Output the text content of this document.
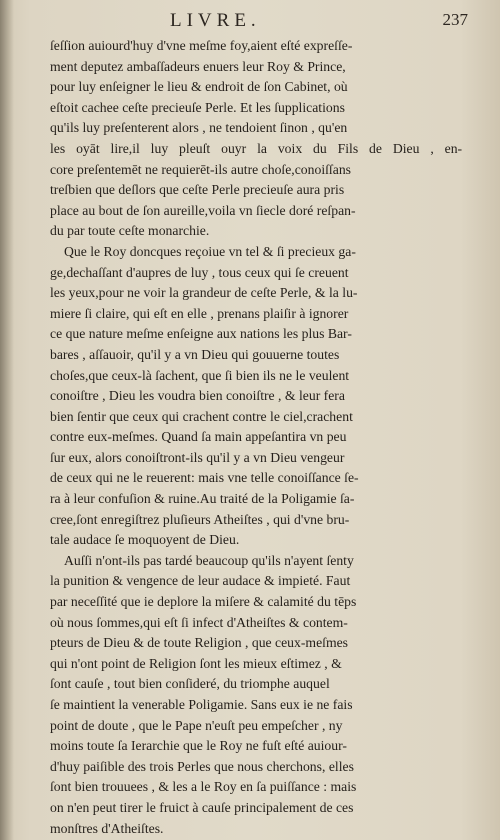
LIVRE.	237
ſeſſion auiourd'huy d'vne meſme foy,aient eſté expreſſe-
ment deputez ambaſſadeurs enuers leur Roy & Prince,
pour luy enſeigner le lieu & endroit de ſon Cabinet, où
eſtoit cachee ceſte precieuſe Perle. Et les ſupplications
qu'ils luy preſenterent alors , ne tendoient ſinon , qu'en
les oyāt lire,il luy pleuſt ouyr la voix du Fils de Dieu , en-
core preſentemēt ne requierēt-ils autre choſe,conoiſſans
treſbien que deſlors que ceſte Perle precieuſe aura pris
place au bout de ſon aureille,voila vn ſiecle doré reſpan-
du par toute ceſte monarchie.
Que le Roy doncques reçoiue vn tel & ſi precieux ga-
ge,dechaſſant d'aupres de luy , tous ceux qui ſe creuent
les yeux,pour ne voir la grandeur de ceſte Perle, & la lu-
miere ſi claire, qui eſt en elle , prenans plaiſir à ignorer
ce que nature meſme enſeigne aux nations les plus Bar-
bares , aſſauoir, qu'il y a vn Dieu qui gouuerne toutes
choſes,que ceux-là ſachent, que ſi bien ils ne le veulent
conoiſtre , Dieu les voudra bien conoiſtre , & leur fera
bien ſentir que ceux qui crachent contre le ciel,crachent
contre eux-meſmes. Quand ſa main appeſantira vn peu
ſur eux, alors conoiſtront-ils qu'il y a vn Dieu vengeur
de ceux qui ne le reuerent: mais vne telle conoiſſance ſe-
ra à leur confuſion & ruine.Au traité de la Poligamie ſa-
cree,ſont enregiſtrez pluſieurs Atheiſtes , qui d'vne bru-
tale audace ſe moquoyent de Dieu.
Auſſi n'ont-ils pas tardé beaucoup qu'ils n'ayent ſenty
la punition & vengence de leur audace & impieté. Faut
par neceſſité que ie deplore la miſere & calamité du tēps
où nous ſommes,qui eſt ſi infect d'Atheiſtes & contem-
pteurs de Dieu & de toute Religion , que ceux-meſmes
qui n'ont point de Religion ſont les mieux eſtimez , &
ſont cauſe , tout bien conſideré, du triomphe auquel
ſe maintient la venerable Poligamie. Sans eux ie ne fais
point de doute , que le Pape n'euſt peu empeſcher , ny
moins toute ſa Ierarchie que le Roy ne fuſt eſté auiour-
d'huy paiſible des trois Perles que nous cherchons, elles
ſont bien trouuees , & les a le Roy en ſa puiſſance : mais
on n'en peut tirer le fruict à cauſe principalement de ces
monſtres d'Atheiſtes.
